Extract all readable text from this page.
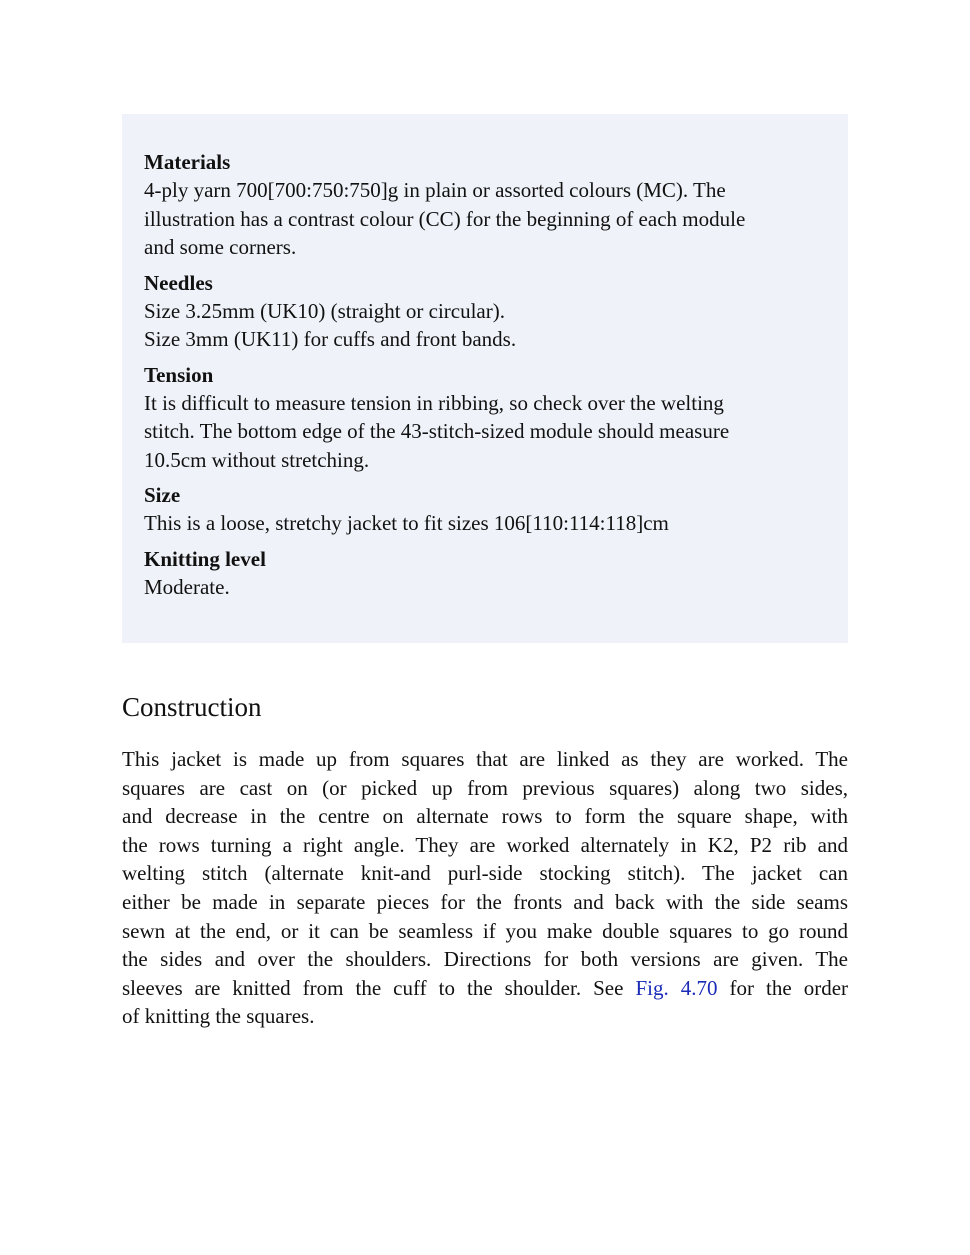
Materials
4-ply yarn 700[700:750:750]g in plain or assorted colours (MC). The
illustration has a contrast colour (CC) for the beginning of each module
and some corners.
Needles
Size 3.25mm (UK10) (straight or circular).
Size 3mm (UK11) for cuffs and front bands.
Tension
It is difficult to measure tension in ribbing, so check over the welting
stitch. The bottom edge of the 43-stitch-sized module should measure
10.5cm without stretching.
Size
This is a loose, stretchy jacket to fit sizes 106[110:114:118]cm
Knitting level
Moderate.
Construction

This jacket is made up from squares that are linked as they are worked. The
squares are cast on (or picked up from previous squares) along two sides,
and decrease in the centre on alternate rows to form the square shape, with
the rows turning a right angle. They are worked alternately in K2, P2 rib and
welting stitch (alternate knit-and purl-side stocking stitch). The jacket can
either be made in separate pieces for the fronts and back with the side seams
sewn at the end, or it can be seamless if you make double squares to go round
the sides and over the shoulders. Directions for both versions are given. The
sleeves are knitted from the cuff to the shoulder. See Fig. 4.70 for the order
of knitting the squares.
